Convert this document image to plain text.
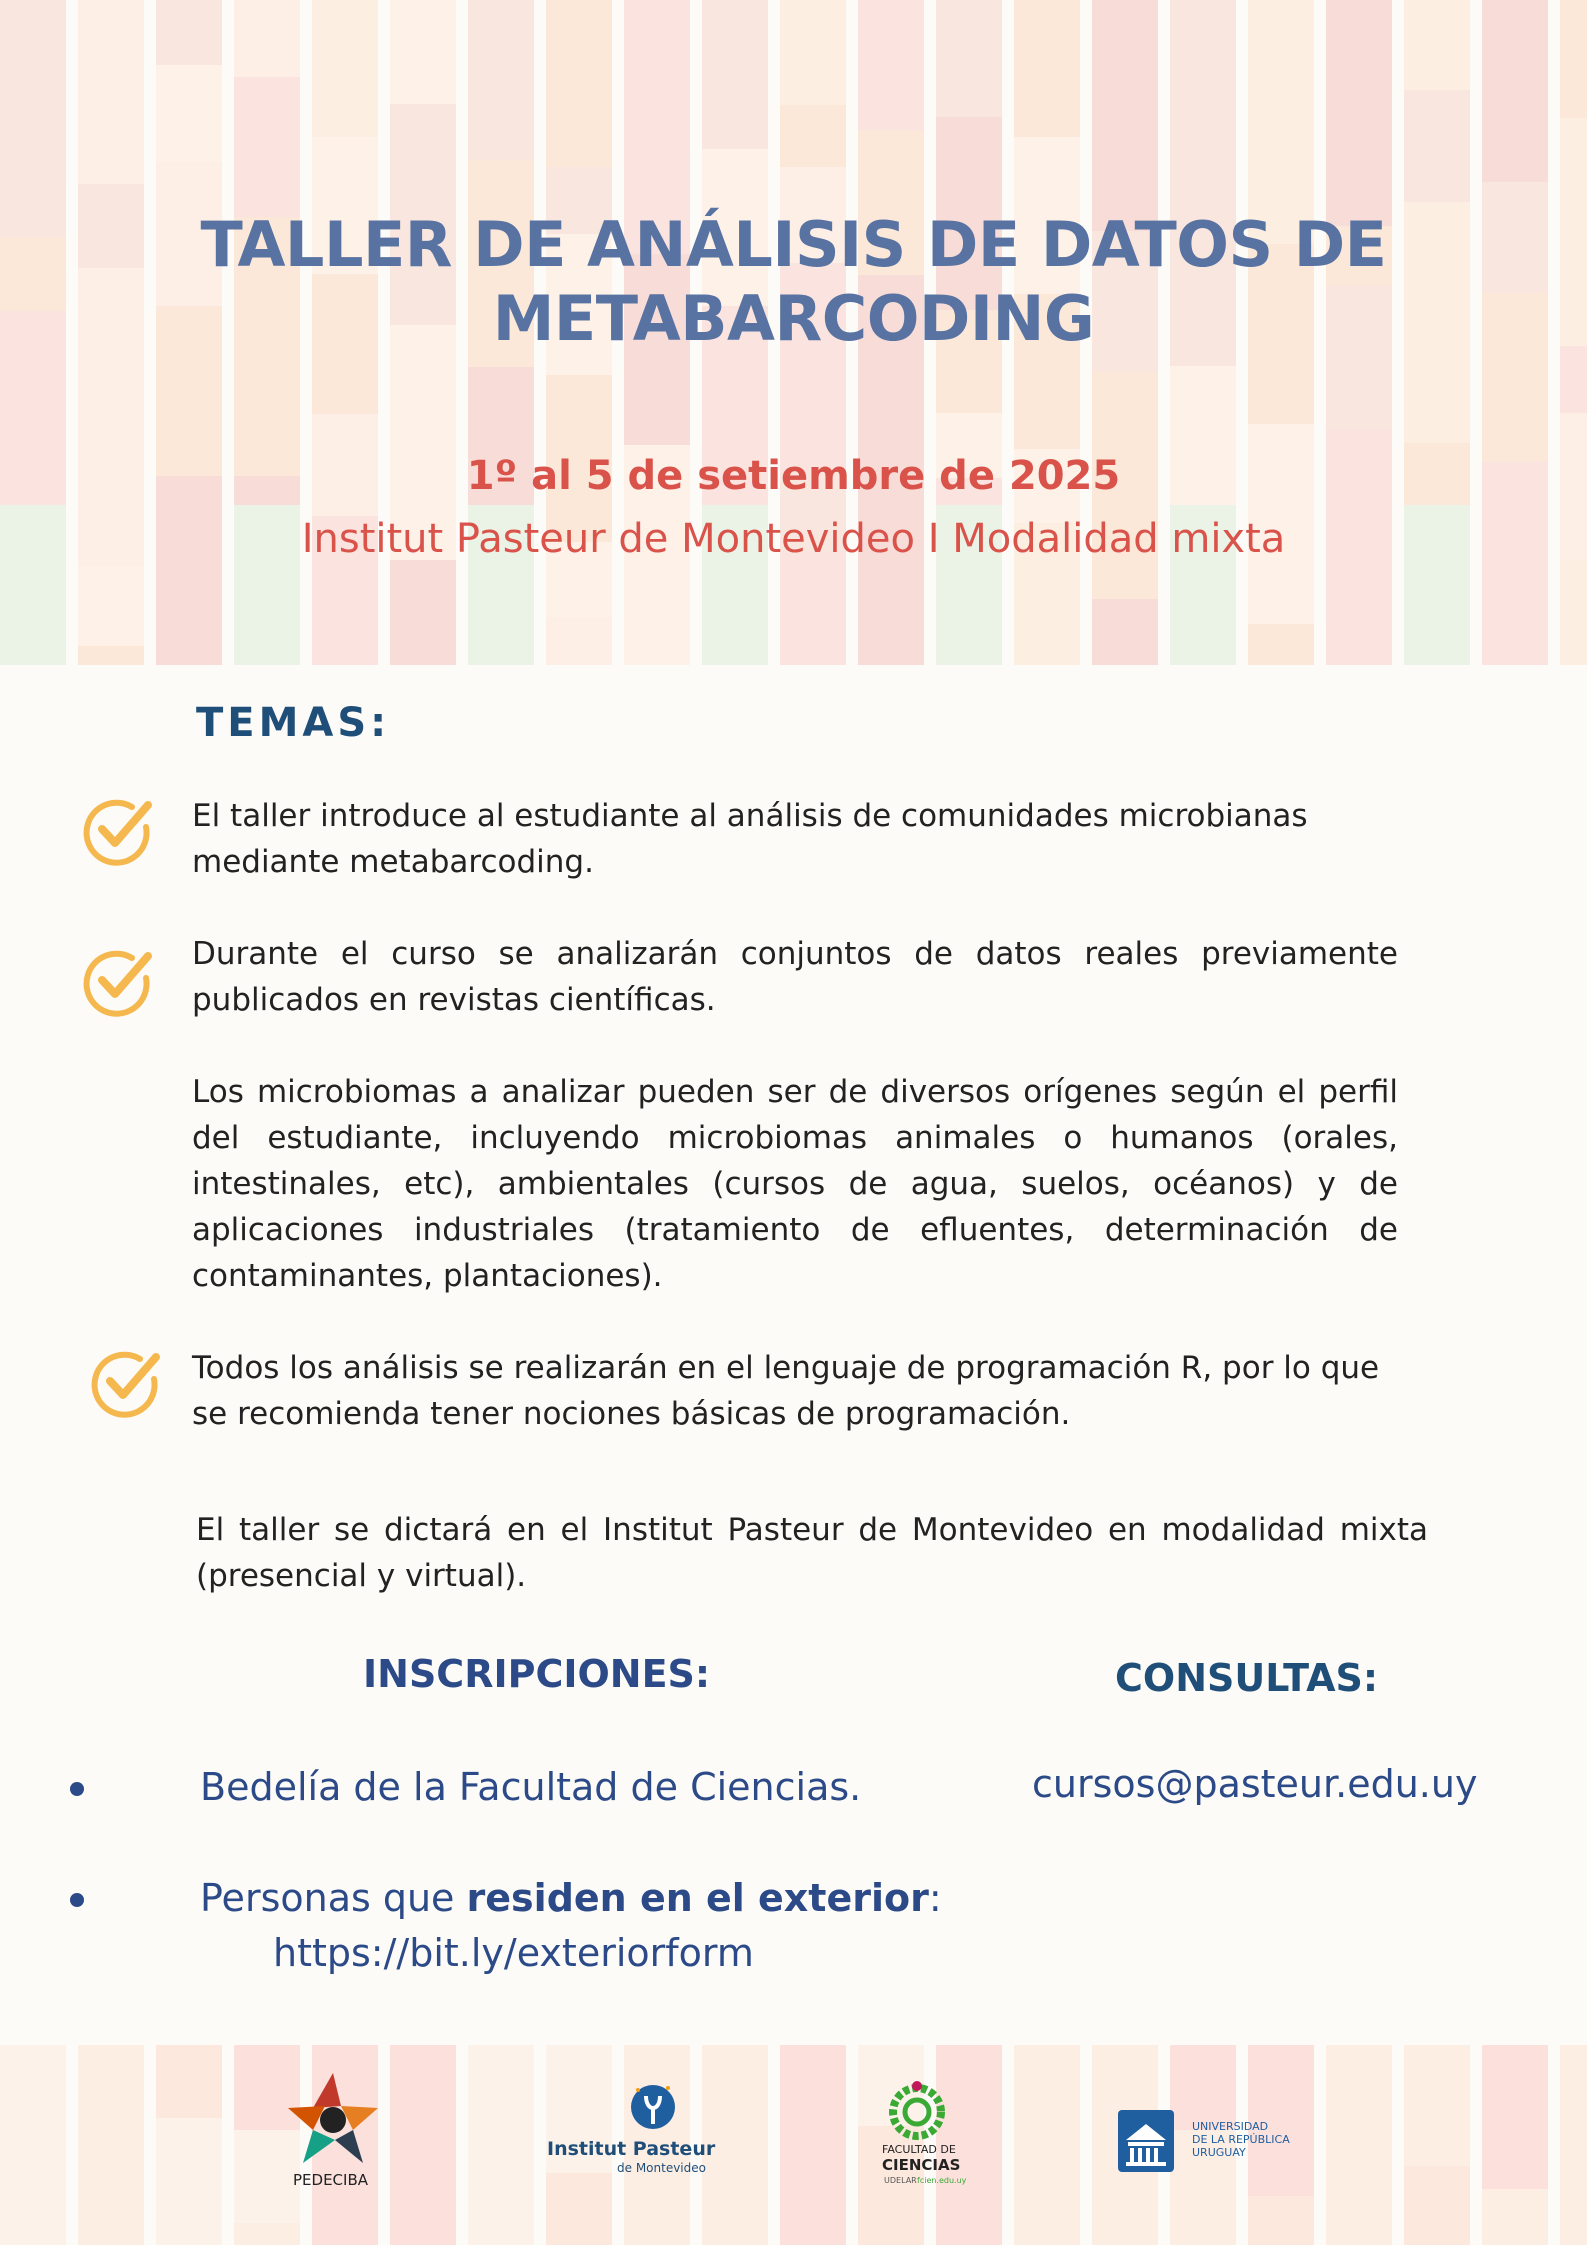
TALLER DE ANÁLISIS DE DATOS DE
METABARCODING
1º al 5 de setiembre de 2025
Institut Pasteur de Montevideo I Modalidad mixta
TEMAS:
El taller introduce al estudiante al análisis de comunidades microbianas mediante metabarcoding.
Durante el curso se analizarán conjuntos de datos reales previamente publicados en revistas científicas.
Los microbiomas a analizar pueden ser de diversos orígenes según el perfil del estudiante, incluyendo microbiomas animales o humanos (orales, intestinales, etc), ambientales (cursos de agua, suelos, océanos) y de aplicaciones industriales (tratamiento de efluentes, determinación de contaminantes, plantaciones).
Todos los análisis se realizarán en el lenguaje de programación R, por lo que se recomienda tener nociones básicas de programación.
El taller se dictará en el Institut Pasteur de Montevideo en modalidad mixta (presencial y virtual).
INSCRIPCIONES:	CONSULTAS:
Bedelía de la Facultad de Ciencias.	cursos@pasteur.edu.uy
Personas que residen en el exterior:
https://bit.ly/exteriorform
PEDECIBA
Institut Pasteur
de Montevideo
FACULTAD DE
CIENCIAS
UDELAR fcien.edu.uy
UNIVERSIDAD
DE LA REPÚBLICA
URUGUAY
